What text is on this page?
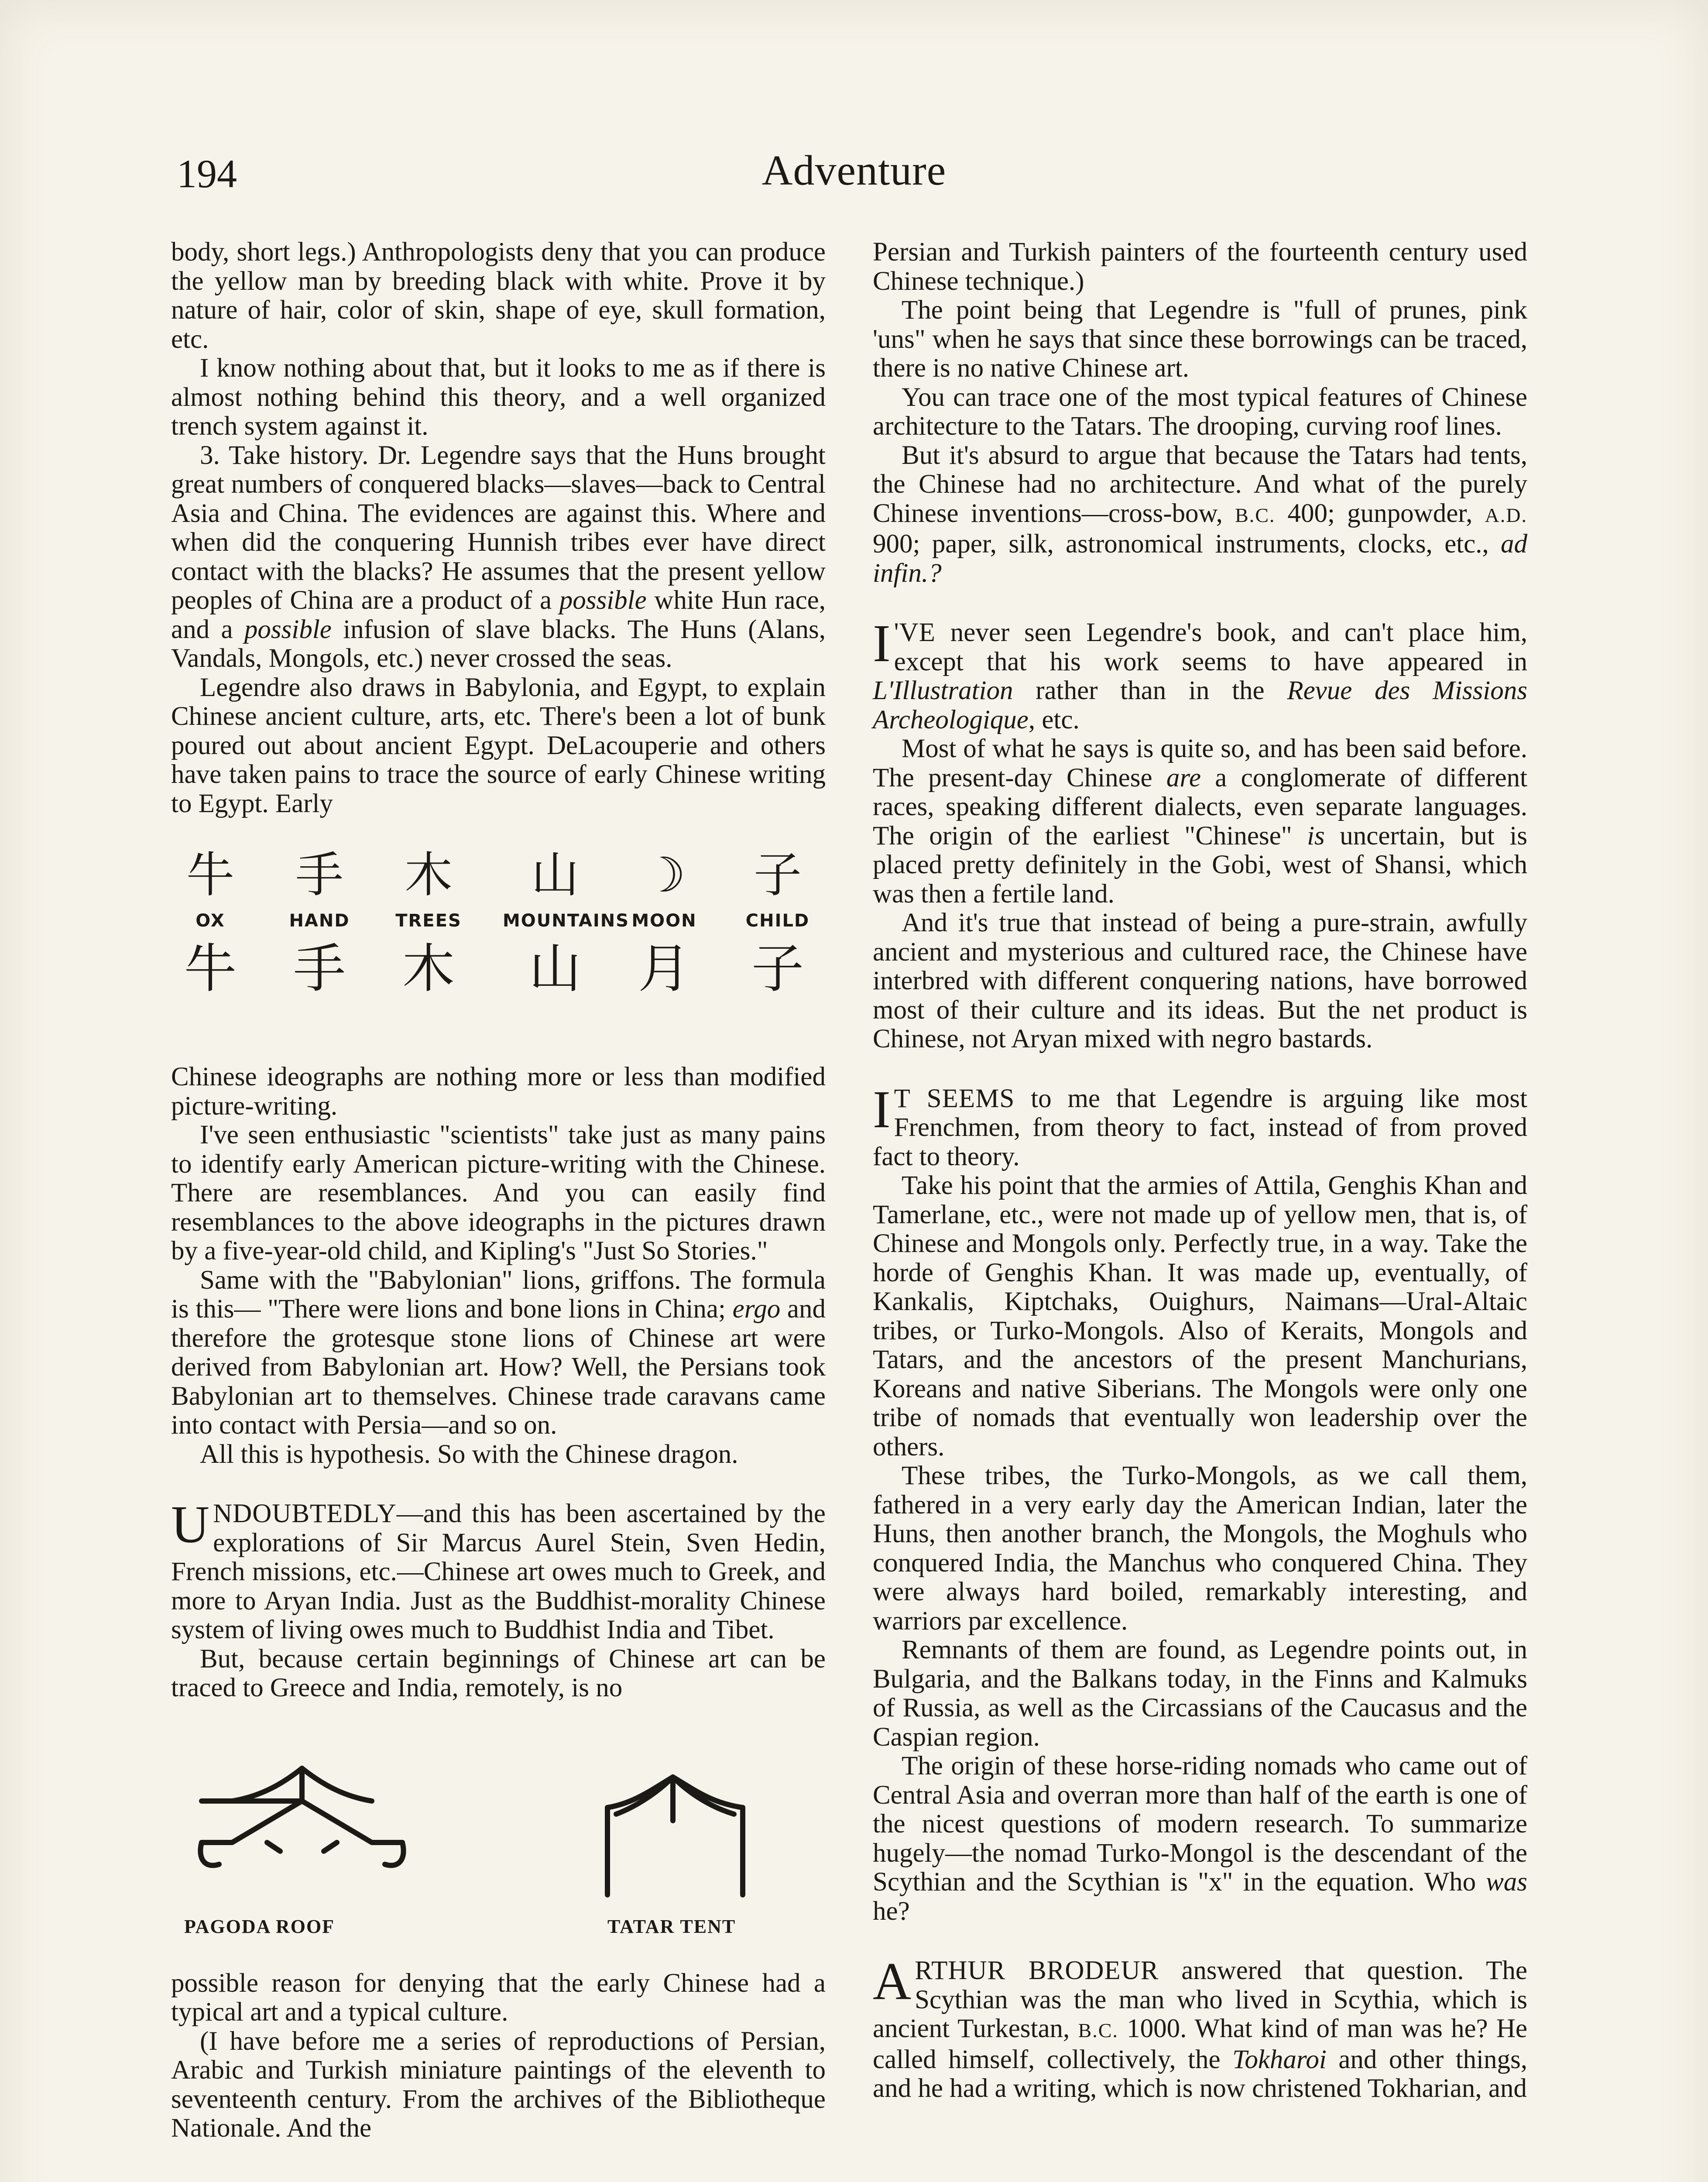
194	Adventure

body, short legs.) Anthropologists deny that you can produce the yellow man by breeding black with white. Prove it by nature of hair, color of skin, shape of eye, skull formation, etc.

I know nothing about that, but it looks to me as if there is almost nothing behind this theory, and a well organized trench system against it.

3. Take history. Dr. Legendre says that the Huns brought great numbers of conquered blacks—slaves—back to Central Asia and China. The evidences are against this. Where and when did the conquering Hunnish tribes ever have direct contact with the blacks? He assumes that the present yellow peoples of China are a product of a possible white Hun race, and a possible infusion of slave blacks. The Huns (Alans, Vandals, Mongols, etc.) never crossed the seas.

Legendre also draws in Babylonia, and Egypt, to explain Chinese ancient culture, arts, etc. There's been a lot of bunk poured out about ancient Egypt. DeLacouperie and others have taken pains to trace the source of early Chinese writing to Egypt. Early

牛
OX
牛
手
HAND
手
木
TREES
木
山
MOUNTAINS
山
☽
MOON
月
子
CHILD
子

Chinese ideographs are nothing more or less than modified picture-writing.

I've seen enthusiastic "scientists" take just as many pains to identify early American picture-writing with the Chinese. There are resemblances. And you can easily find resemblances to the above ideographs in the pictures drawn by a five-year-old child, and Kipling's "Just So Stories."

Same with the "Babylonian" lions, griffons. The formula is this— "There were lions and bone lions in China; ergo and therefore the grotesque stone lions of Chinese art were derived from Babylonian art. How? Well, the Persians took Babylonian art to themselves. Chinese trade caravans came into contact with Persia—and so on.

All this is hypothesis. So with the Chinese dragon.

UNDOUBTEDLY—and this has been ascertained by the explorations of Sir Marcus Aurel Stein, Sven Hedin, French missions, etc.—Chinese art owes much to Greek, and more to Aryan India. Just as the Buddhist-morality Chinese system of living owes much to Buddhist India and Tibet.

But, because certain beginnings of Chinese art can be traced to Greece and India, remotely, is no

PAGODA ROOF	TATAR TENT

possible reason for denying that the early Chinese had a typical art and a typical culture.

(I have before me a series of reproductions of Persian, Arabic and Turkish miniature paintings of the eleventh to seventeenth century. From the archives of the Bibliotheque Nationale. And the

Persian and Turkish painters of the fourteenth century used Chinese technique.)

The point being that Legendre is "full of prunes, pink 'uns" when he says that since these borrowings can be traced, there is no native Chinese art.

You can trace one of the most typical features of Chinese architecture to the Tatars. The drooping, curving roof lines.

But it's absurd to argue that because the Tatars had tents, the Chinese had no architecture. And what of the purely Chinese inventions—cross-bow, B.C. 400; gunpowder, A.D. 900; paper, silk, astronomical instruments, clocks, etc., ad infin.?

I 'VE never seen Legendre's book, and can't place him, except that his work seems to have appeared in L'Illustration rather than in the Revue des Missions Archeologique, etc.

Most of what he says is quite so, and has been said before. The present-day Chinese are a conglomerate of different races, speaking different dialects, even separate languages. The origin of the earliest "Chinese" is uncertain, but is placed pretty definitely in the Gobi, west of Shansi, which was then a fertile land.

And it's true that instead of being a pure-strain, awfully ancient and mysterious and cultured race, the Chinese have interbred with different conquering nations, have borrowed most of their culture and its ideas. But the net product is Chinese, not Aryan mixed with negro bastards.

I T SEEMS to me that Legendre is arguing like most Frenchmen, from theory to fact, instead of from proved fact to theory.

Take his point that the armies of Attila, Genghis Khan and Tamerlane, etc., were not made up of yellow men, that is, of Chinese and Mongols only. Perfectly true, in a way. Take the horde of Genghis Khan. It was made up, eventually, of Kankalis, Kiptchaks, Ouighurs, Naimans—Ural-Altaic tribes, or Turko-Mongols. Also of Keraits, Mongols and Tatars, and the ancestors of the present Manchurians, Koreans and native Siberians. The Mongols were only one tribe of nomads that eventually won leadership over the others.

These tribes, the Turko-Mongols, as we call them, fathered in a very early day the American Indian, later the Huns, then another branch, the Mongols, the Moghuls who conquered India, the Manchus who conquered China. They were always hard boiled, remarkably interesting, and warriors par excellence.

Remnants of them are found, as Legendre points out, in Bulgaria, and the Balkans today, in the Finns and Kalmuks of Russia, as well as the Circassians of the Caucasus and the Caspian region.

The origin of these horse-riding nomads who came out of Central Asia and overran more than half of the earth is one of the nicest questions of modern research. To summarize hugely—the nomad Turko-Mongol is the descendant of the Scythian and the Scythian is "x" in the equation. Who was he?

ARTHUR BRODEUR answered that question. The Scythian was the man who lived in Scythia, which is ancient Turkestan, B.C. 1000. What kind of man was he? He called himself, collectively, the Tokharoi and other things, and he had a writing, which is now christened Tokharian, and
